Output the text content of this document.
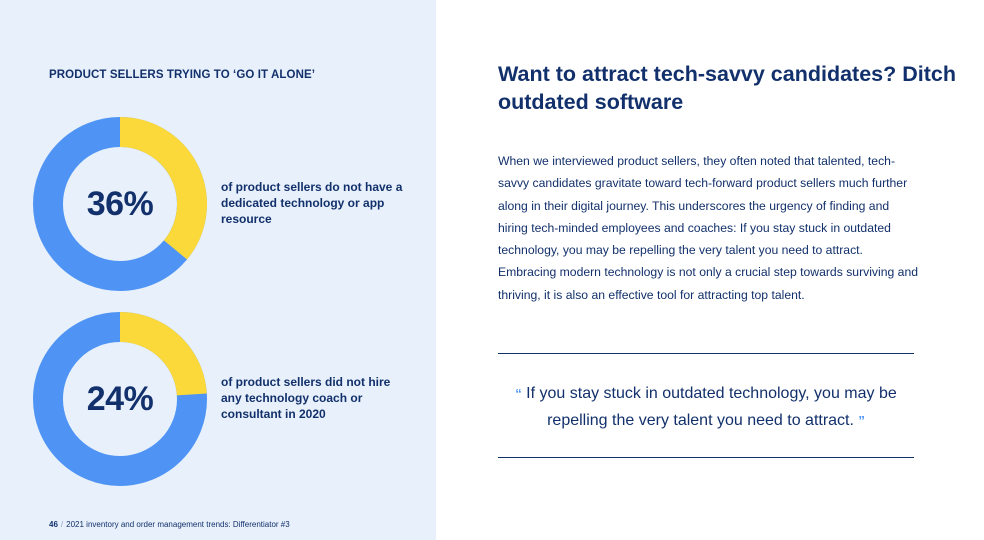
PRODUCT SELLERS TRYING TO ‘GO IT ALONE’
36%	of product sellers do not have a dedicated technology or app resource
24%	of product sellers did not hire any technology coach or consultant in 2020
46 / 2021 inventory and order management trends: Differentiator #3
Want to attract tech-savvy candidates? Ditch outdated software
When we interviewed product sellers, they often noted that talented, tech-savvy candidates gravitate toward tech-forward product sellers much further along in their digital journey. This underscores the urgency of finding and hiring tech-minded employees and coaches: If you stay stuck in outdated technology, you may be repelling the very talent you need to attract. Embracing modern technology is not only a crucial step towards surviving and thriving, it is also an effective tool for attracting top talent.
“ If you stay stuck in outdated technology, you may be repelling the very talent you need to attract. ”
